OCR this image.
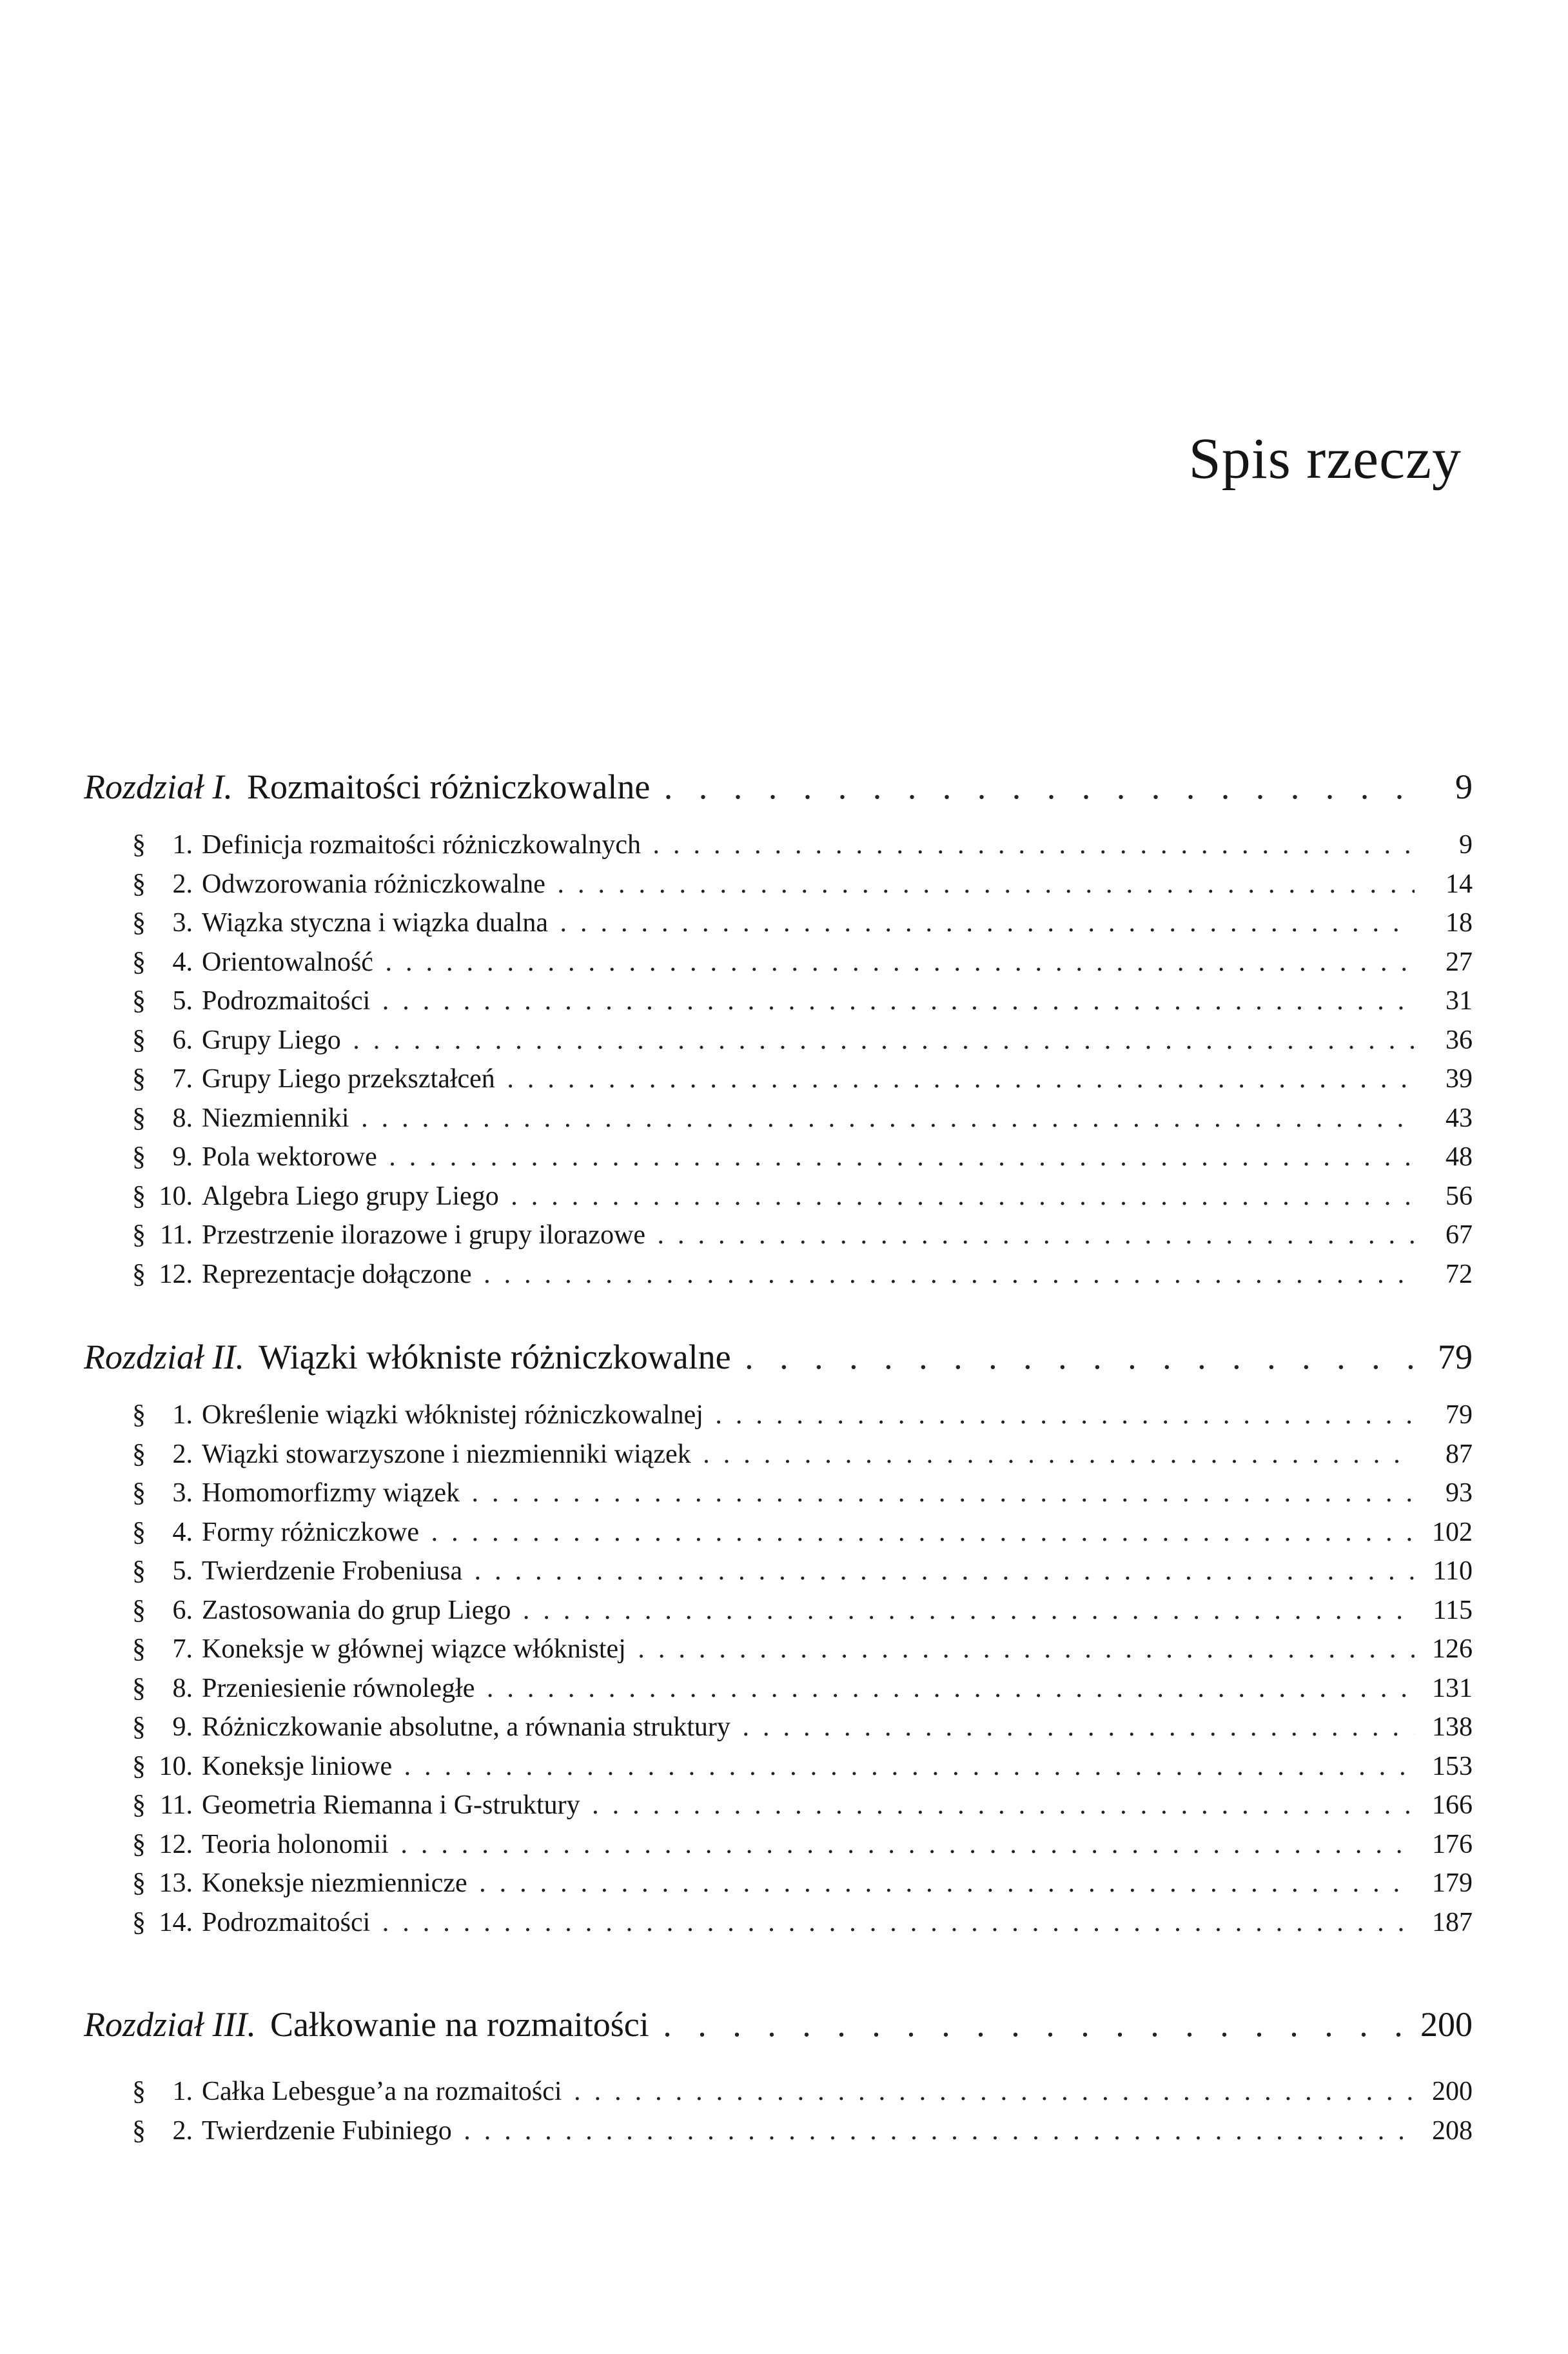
Spis rzeczy
Rozdział I. Rozmaitości różniczkowalne . .	9
§ 1. Definicja rozmaitości różniczkowalnych . .	9
§ 2. Odwzorowania różniczkowalne . .	14
§ 3. Wiązka styczna i wiązka dualna . .	18
§ 4. Orientowalność . .	27
§ 5. Podrozmaitości . .	31
§ 6. Grupy Liego . .	36
§ 7. Grupy Liego przekształceń . .	39
§ 8. Niezmienniki . .	43
§ 9. Pola wektorowe . .	48
§ 10. Algebra Liego grupy Liego . .	56
§ 11. Przestrzenie ilorazowe i grupy ilorazowe . .	67
§ 12. Reprezentacje dołączone . .	72
Rozdział II. Wiązki włókniste różniczkowalne . .	79
§ 1. Określenie wiązki włóknistej różniczkowalnej . .	79
§ 2. Wiązki stowarzyszone i niezmienniki wiązek . .	87
§ 3. Homomorfizmy wiązek . .	93
§ 4. Formy różniczkowe . .	102
§ 5. Twierdzenie Frobeniusa . .	110
§ 6. Zastosowania do grup Liego . .	115
§ 7. Koneksje w głównej wiązce włóknistej . .	126
§ 8. Przeniesienie równoległe . .	131
§ 9. Różniczkowanie absolutne, a równania struktury . .	138
§ 10. Koneksje liniowe . .	153
§ 11. Geometria Riemanna i G-struktury . .	166
§ 12. Teoria holonomii . .	176
§ 13. Koneksje niezmiennicze . .	179
§ 14. Podrozmaitości . .	187
Rozdział III. Całkowanie na rozmaitości . .	200
§ 1. Całka Lebesgue’a na rozmaitości . .	200
§ 2. Twierdzenie Fubiniego . .	208
